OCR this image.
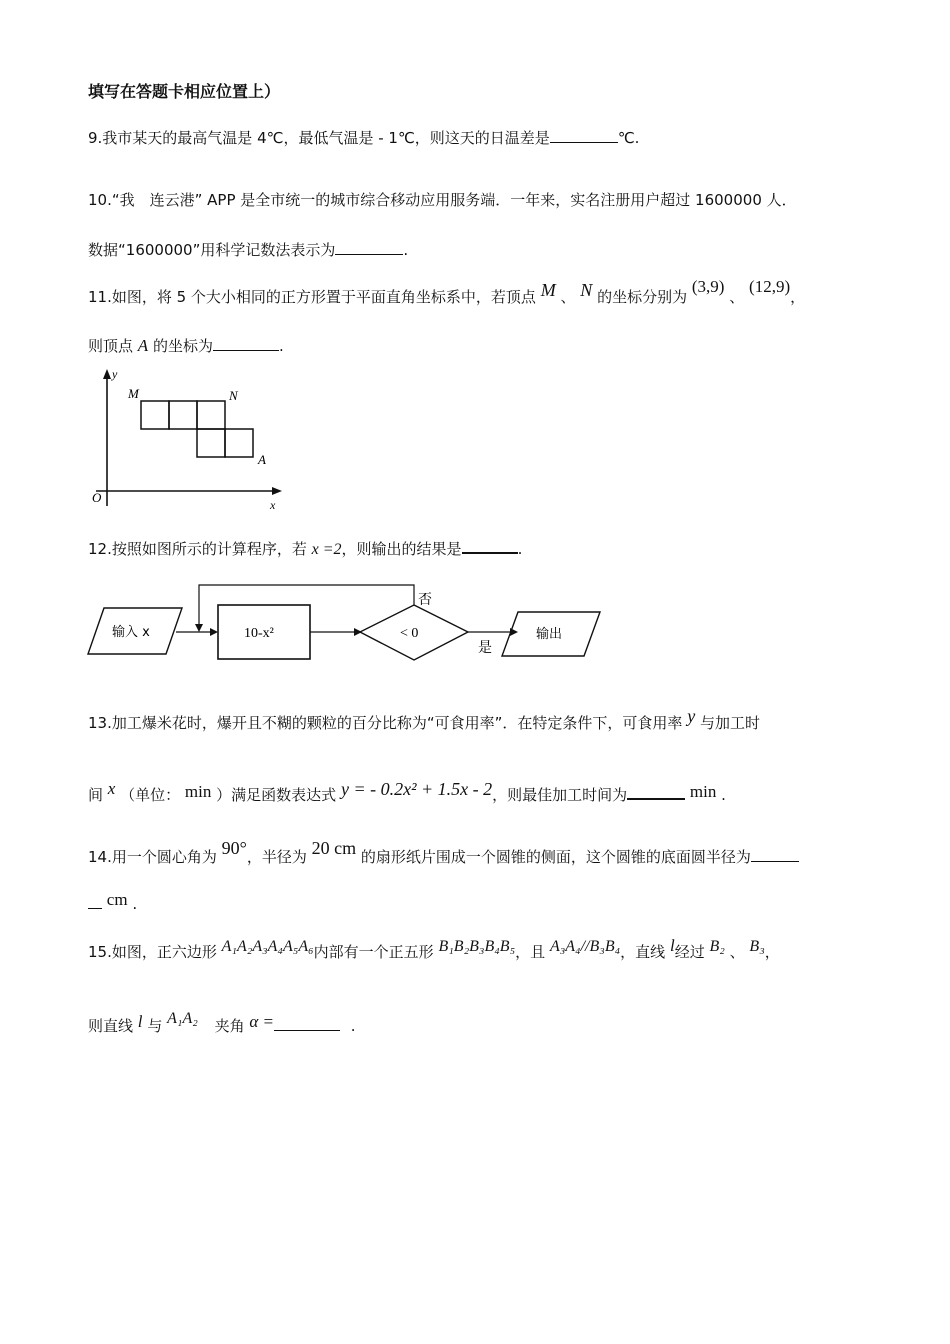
填写在答题卡相应位置上）
9.我市某天的最高气温是 4℃，最低气温是 - 1℃，则这天的日温差是	℃.
10.“我　连云港” APP 是全市统一的城市综合移动应用服务端．一年来，实名注册用户超过 1600000 人．
数据“1600000”用科学记数法表示为	.
11.如图，将 5 个大小相同的正方形置于平面直角坐标系中，若顶点 M 、 N 的坐标分别为 (3,9) 、 (12,9)，
则顶点 A 的坐标为	.
y
x
O
M	N
A
12.按照如图所示的计算程序，若 x =2，则输出的结果是	.
输入 x	10-x²	< 0
否
是
输出
13.加工爆米花时，爆开且不糊的颗粒的百分比称为“可食用率”．在特定条件下，可食用率 y 与加工时
间 x （单位： min ）满足函数表达式 y = - 0.2x² + 1.5x - 2，则最佳加工时间为	min .
14.用一个圆心角为 90°，半径为 20 cm 的扇形纸片围成一个圆锥的侧面，这个圆锥的底面圆半径为
cm .
15.如图，正六边形 A₁A₂A₃A₄A₅A₆内部有一个正五形 B₁B₂B₃B₄B₅，且 A₃A₄//B₃B₄，直线 l经过 B₂ 、 B₃，
则直线 l 与 A₁A₂ 夹角 α =	.
